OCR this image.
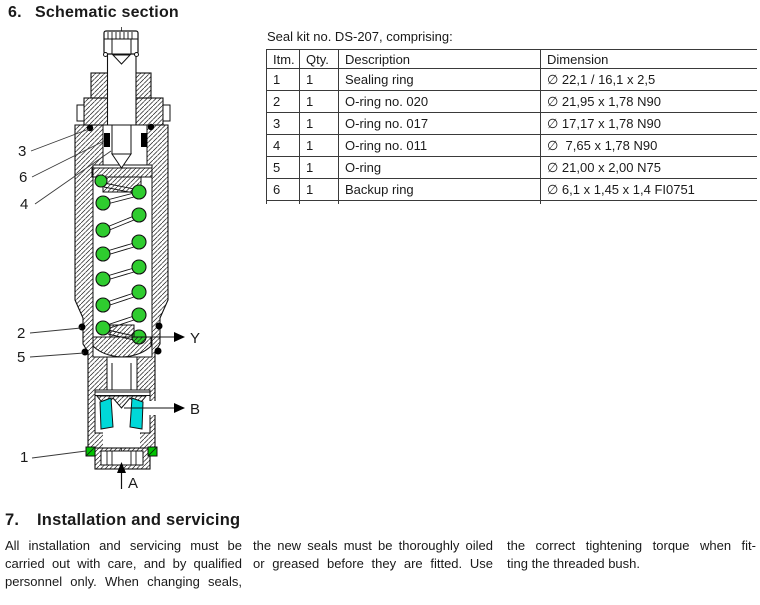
6. Schematic section
3
6
4
2
5
1
Y
B
A

Seal kit no. DS-207, comprising:

Itm.	Qty.	Description	Dimension
1	1	Sealing ring	∅ 22,1 / 16,1 x 2,5
2	1	O-ring no. 020	∅ 21,95 x 1,78 N90
3	1	O-ring no. 017	∅ 17,17 x 1,78 N90
4	1	O-ring no. 011	∅  7,65 x 1,78 N90
5	1	O-ring	∅ 21,00 x 2,00 N75
6	1	Backup ring	∅ 6,1 x 1,45 x 1,4 FI0751

7.	Installation and servicing
All installation and servicing must be
carried out with care, and by qualified
personnel only. When changing seals,
the new seals must be thoroughly oiled
or greased before they are fitted. Use
the correct tightening torque when fit-
ting the threaded bush.
